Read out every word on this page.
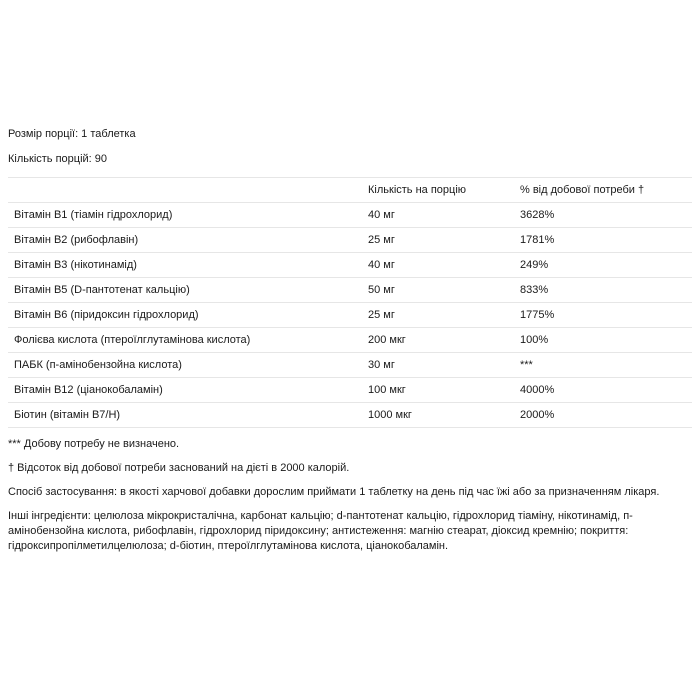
Розмір порції: 1 таблетка
Кількість порцій: 90
	Кількість на порцію	% від добової потреби †
Вітамін B1 (тіамін гідрохлорид)	40 мг	3628%
Вітамін B2 (рибофлавін)	25 мг	1781%
Вітамін B3 (нікотинамід)	40 мг	249%
Вітамін B5 (D-пантотенат кальцію)	50 мг	833%
Вітамін B6 (піридоксин гідрохлорид)	25 мг	1775%
Фолієва кислота (птероїлглутамінова кислота)	200 мкг	100%
ПАБК (п-амінобензойна кислота)	30 мг	***
Вітамін B12 (ціанокобаламін)	100 мкг	4000%
Біотин (вітамін B7/H)	1000 мкг	2000%
*** Добову потребу не визначено.
† Відсоток від добової потреби заснований на дієті в 2000 калорій.
Спосіб застосування: в якості харчової добавки дорослим приймати 1 таблетку на день під час їжі або за призначенням лікаря.
Інші інгредієнти: целюлоза мікрокристалічна, карбонат кальцію; d-пантотенат кальцію, гідрохлорид тіаміну, нікотинамід, п-амінобензойна кислота, рибофлавін, гідрохлорид піридоксину; антистеження: магнію стеарат, діоксид кремнію; покриття: гідроксипропілметилцелюлоза; d-біотин, птероїлглутамінова кислота, ціанокобаламін.
